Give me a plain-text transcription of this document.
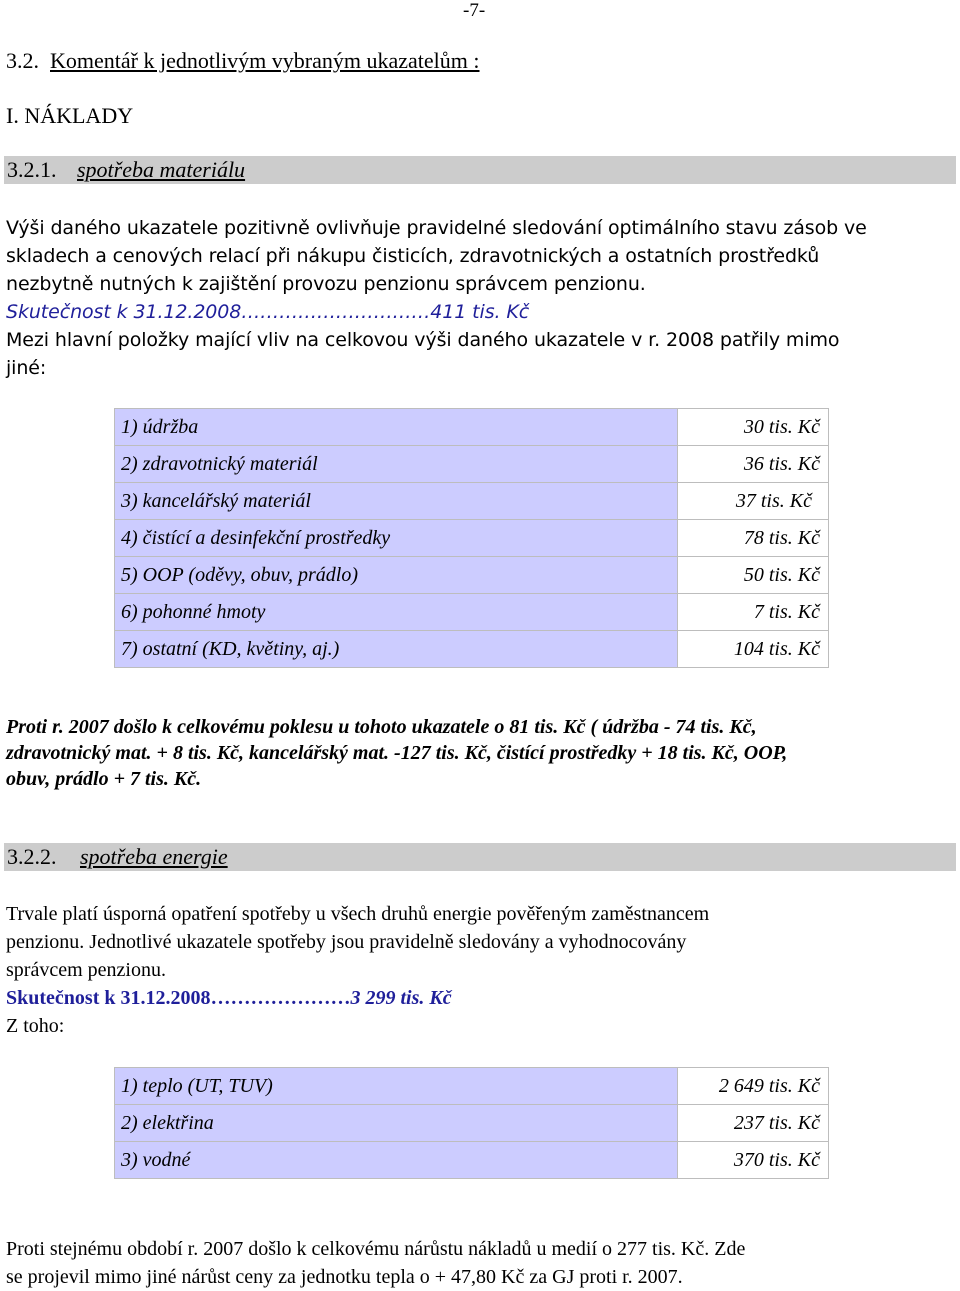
-7-
3.2. Komentář k jednotlivým vybraným ukazatelům :
I. NÁKLADY
3.2.1. spotřeba materiálu
Výši daného ukazatele pozitivně ovlivňuje pravidelné sledování optimálního stavu zásob ve
skladech a cenových relací při nákupu čisticích, zdravotnických a ostatních prostředků
nezbytně nutných k zajištění provozu penzionu správcem penzionu.
Skutečnost k 31.12.2008…………………………411 tis. Kč
Mezi hlavní položky mající vliv na celkovou výši daného ukazatele v r. 2008 patřily mimo
jiné:
1) údržba	30 tis. Kč
2) zdravotnický materiál	36 tis. Kč
3) kancelářský materiál	37 tis. Kč
4) čistící a desinfekční prostředky	78 tis. Kč
5) OOP (oděvy, obuv, prádlo)	50 tis. Kč
6) pohonné hmoty	7 tis. Kč
7) ostatní (KD, květiny, aj.)	104 tis. Kč
Proti r. 2007 došlo k celkovému poklesu u tohoto ukazatele o 81 tis. Kč ( údržba - 74 tis. Kč,
zdravotnický mat. + 8 tis. Kč, kancelářský mat. -127 tis. Kč, čistící prostředky + 18 tis. Kč, OOP,
obuv, prádlo + 7 tis. Kč.
3.2.2. spotřeba energie
Trvale platí úsporná opatření spotřeby u všech druhů energie pověřeným zaměstnancem
penzionu. Jednotlivé ukazatele spotřeby jsou pravidelně sledovány a vyhodnocovány
správcem penzionu.
Skutečnost k 31.12.2008…………………3 299 tis. Kč
Z toho:
1) teplo (UT, TUV)	2 649 tis. Kč
2) elektřina	237 tis. Kč
3) vodné	370 tis. Kč
Proti stejnému období r. 2007 došlo k celkovému nárůstu nákladů u medií o 277 tis. Kč. Zde
se projevil mimo jiné nárůst ceny za jednotku tepla o + 47,80 Kč za GJ proti r. 2007.
